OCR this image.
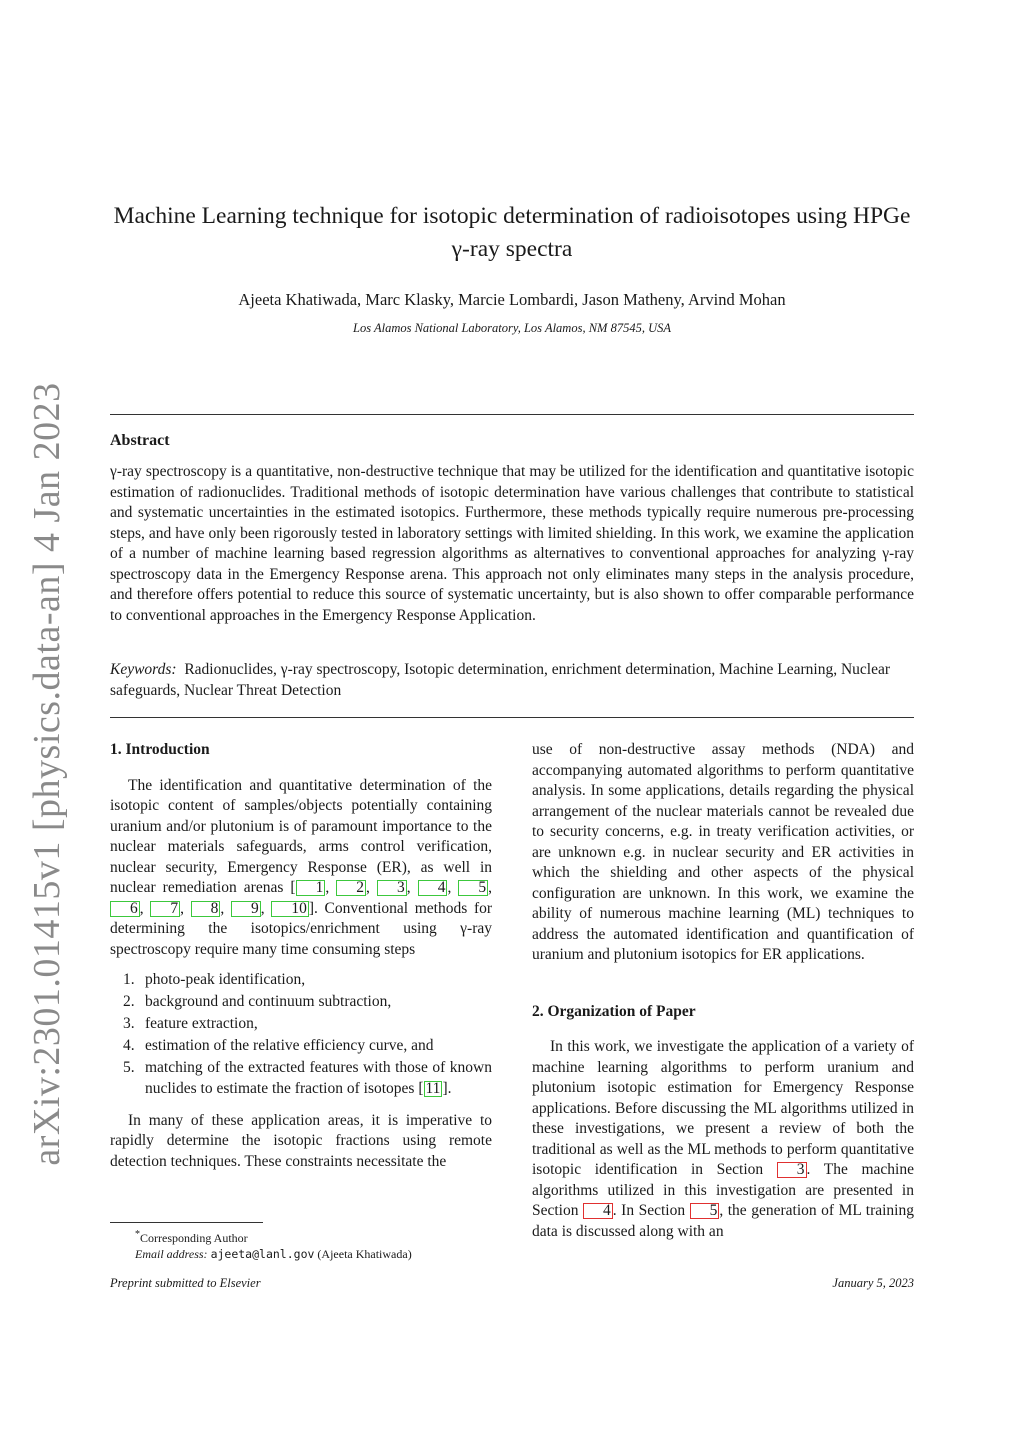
arXiv:2301.01415v1 [physics.data-an] 4 Jan 2023
Machine Learning technique for isotopic determination of radioisotopes using HPGe γ-ray spectra
Ajeeta Khatiwada, Marc Klasky, Marcie Lombardi, Jason Matheny, Arvind Mohan
Los Alamos National Laboratory, Los Alamos, NM 87545, USA
Abstract
γ-ray spectroscopy is a quantitative, non-destructive technique that may be utilized for the identification and quantitative isotopic estimation of radionuclides. Traditional methods of isotopic determination have various challenges that contribute to statistical and systematic uncertainties in the estimated isotopics. Furthermore, these methods typically require numerous pre-processing steps, and have only been rigorously tested in laboratory settings with limited shielding. In this work, we examine the application of a number of machine learning based regression algorithms as alternatives to conventional approaches for analyzing γ-ray spectroscopy data in the Emergency Response arena. This approach not only eliminates many steps in the analysis procedure, and therefore offers potential to reduce this source of systematic uncertainty, but is also shown to offer comparable performance to conventional approaches in the Emergency Response Application.
Keywords: Radionuclides, γ-ray spectroscopy, Isotopic determination, enrichment determination, Machine Learning, Nuclear safeguards, Nuclear Threat Detection
1. Introduction

The identification and quantitative determination of the isotopic content of samples/objects potentially containing uranium and/or plutonium is of paramount importance to the nuclear materials safeguards, arms control verification, nuclear security, Emergency Response (ER), as well in nuclear remediation arenas [ 1 , 2 , 3 , 4 , 5 , 6 , 7 , 8 , 9 , 10 ]. Conventional methods for determining the isotopics/enrichment using γ-ray spectroscopy require many time consuming steps

1. photo-peak identification,
2. background and continuum subtraction,
3. feature extraction,
4. estimation of the relative efficiency curve, and
5. matching of the extracted features with those of known nuclides to estimate the fraction of isotopes [ 11 ].

In many of these application areas, it is imperative to rapidly determine the isotopic fractions using remote detection techniques. These constraints necessitate the

use of non-destructive assay methods (NDA) and accompanying automated algorithms to perform quantitative analysis. In some applications, details regarding the physical arrangement of the nuclear materials cannot be revealed due to security concerns, e.g. in treaty verification activities, or are unknown e.g. in nuclear security and ER activities in which the shielding and other aspects of the physical configuration are unknown. In this work, we examine the ability of numerous machine learning (ML) techniques to address the automated identification and quantification of uranium and plutonium isotopics for ER applications.

2. Organization of Paper

In this work, we investigate the application of a variety of machine learning algorithms to perform uranium and plutonium isotopic estimation for Emergency Response applications. Before discussing the ML algorithms utilized in these investigations, we present a review of both the traditional as well as the ML methods to perform quantitative isotopic identification in Section 3 . The machine algorithms utilized in this investigation are presented in Section 4 . In Section 5 , the generation of ML training data is discussed along with an

*Corresponding Author
Email address: ajeeta@lanl.gov (Ajeeta Khatiwada)
Preprint submitted to Elsevier	January 5, 2023
